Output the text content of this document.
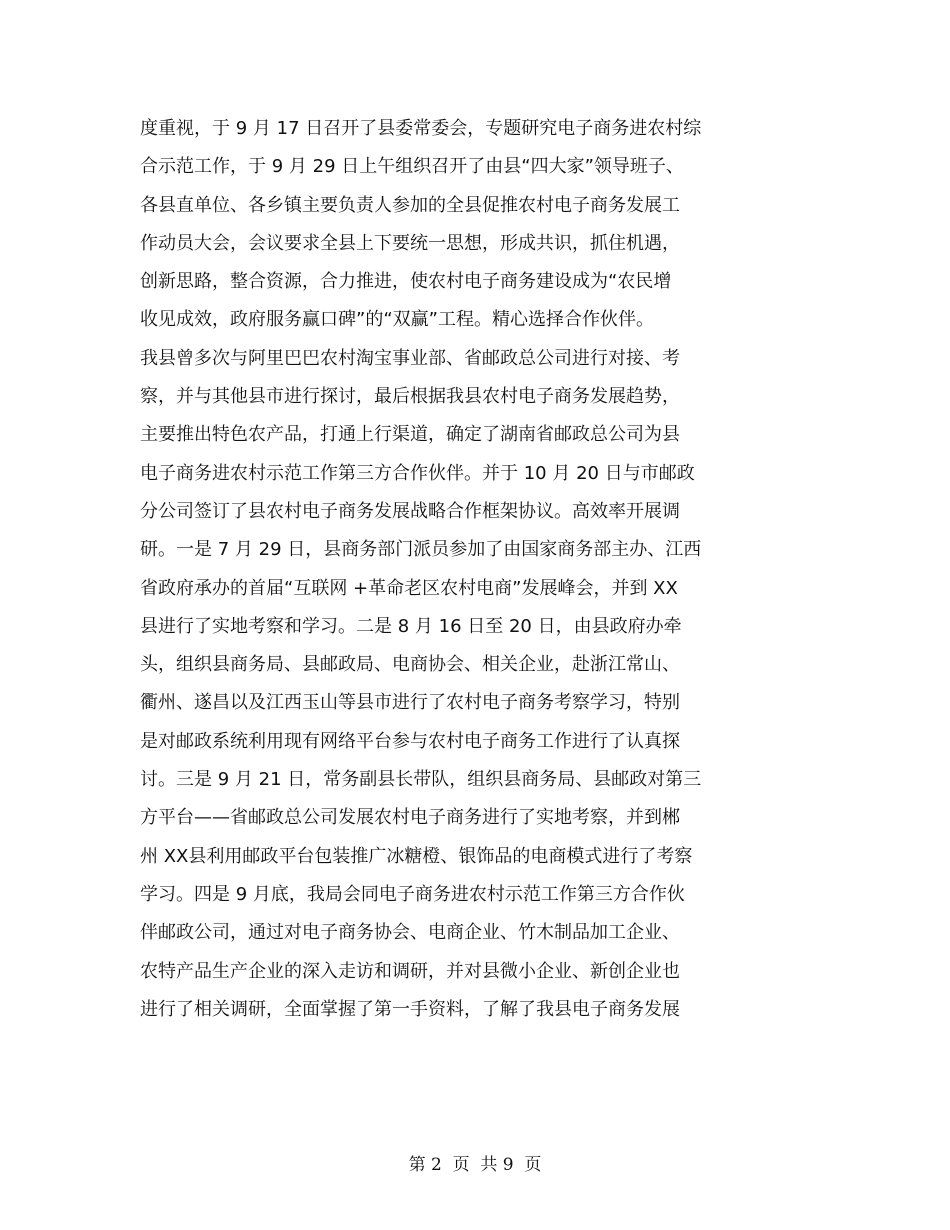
度重视，于 9 月 17 日召开了县委常委会，专题研究电子商务进农村综
合示范工作，于 9 月 29 日上午组织召开了由县“四大家”领导班子、
各县直单位、各乡镇主要负责人参加的全县促推农村电子商务发展工
作动员大会，会议要求全县上下要统一思想，形成共识，抓住机遇，
创新思路，整合资源，合力推进，使农村电子商务建设成为“农民增
收见成效，政府服务赢口碑”的“双赢”工程。精心选择合作伙伴。
我县曾多次与阿里巴巴农村淘宝事业部、省邮政总公司进行对接、考
察，并与其他县市进行探讨，最后根据我县农村电子商务发展趋势，
主要推出特色农产品，打通上行渠道，确定了湖南省邮政总公司为县
电子商务进农村示范工作第三方合作伙伴。并于 10 月 20 日与市邮政
分公司签订了县农村电子商务发展战略合作框架协议。高效率开展调
研。一是 7 月 29 日，县商务部门派员参加了由国家商务部主办、江西
省政府承办的首届“互联网 +革命老区农村电商”发展峰会，并到 XX
县进行了实地考察和学习。二是 8 月 16 日至 20 日，由县政府办牵
头，组织县商务局、县邮政局、电商协会、相关企业，赴浙江常山、
衢州、遂昌以及江西玉山等县市进行了农村电子商务考察学习，特别
是对邮政系统利用现有网络平台参与农村电子商务工作进行了认真探
讨。三是 9 月 21 日，常务副县长带队，组织县商务局、县邮政对第三
方平台——省邮政总公司发展农村电子商务进行了实地考察，并到郴
州 XX县利用邮政平台包装推广冰糖橙、银饰品的电商模式进行了考察
学习。四是 9 月底，我局会同电子商务进农村示范工作第三方合作伙
伴邮政公司，通过对电子商务协会、电商企业、竹木制品加工企业、
农特产品生产企业的深入走访和调研，并对县微小企业、新创企业也
进行了相关调研，全面掌握了第一手资料，了解了我县电子商务发展
第 2  页  共 9  页
